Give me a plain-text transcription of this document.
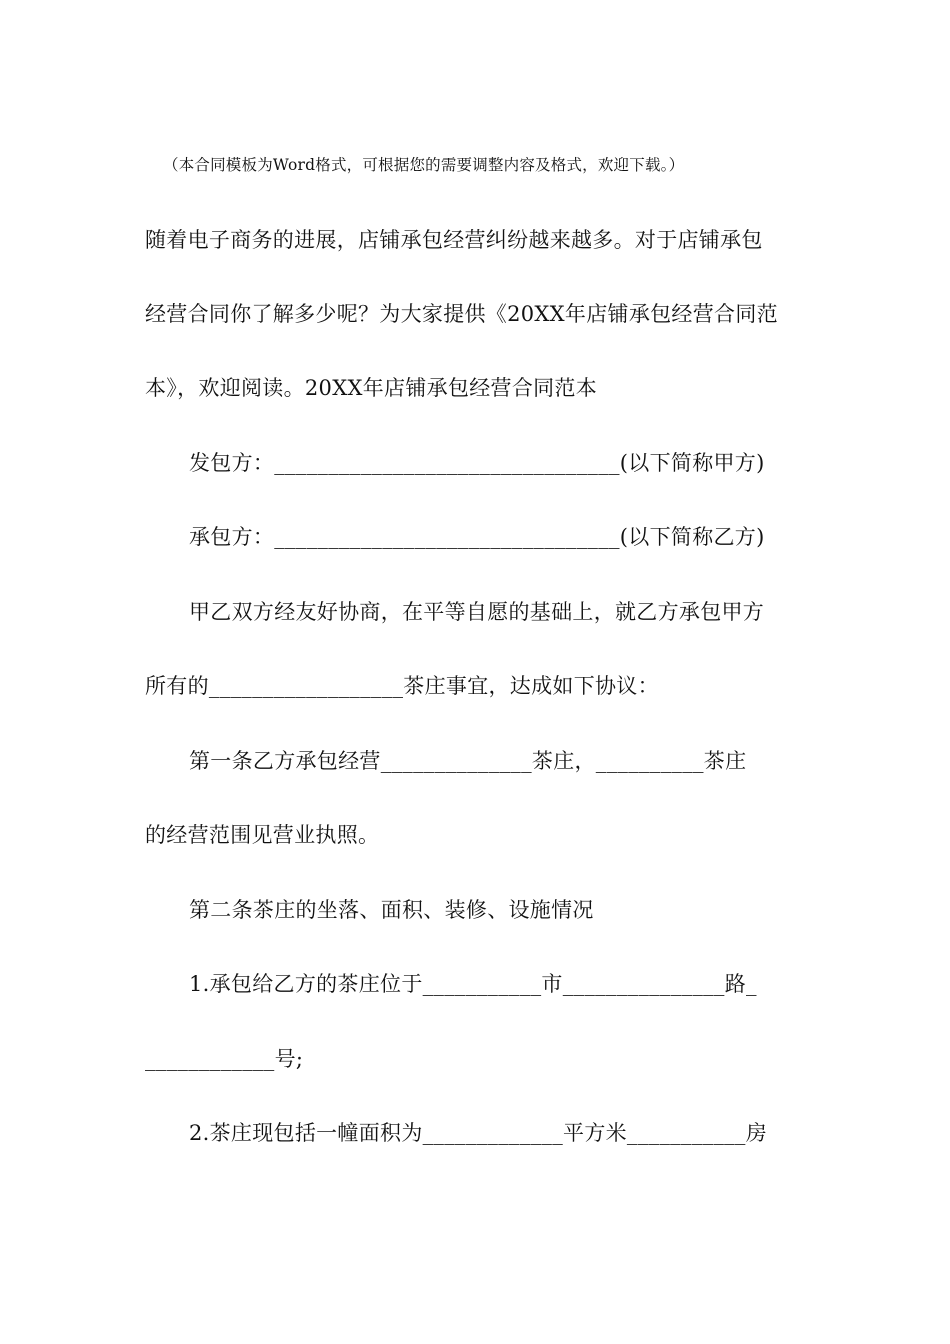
（本合同模板为Word格式，可根据您的需要调整内容及格式，欢迎下载。）
随着电子商务的进展，店铺承包经营纠纷越来越多。对于店铺承包
经营合同你了解多少呢？为大家提供《20XX年店铺承包经营合同范
本》，欢迎阅读。20XX年店铺承包经营合同范本
发包方：________________________________(以下简称甲方)
承包方：________________________________(以下简称乙方)
甲乙双方经友好协商，在平等自愿的基础上，就乙方承包甲方
所有的__________________茶庄事宜，达成如下协议：
第一条乙方承包经营______________茶庄，__________茶庄
的经营范围见营业执照。
第二条茶庄的坐落、面积、装修、设施情况
1.承包给乙方的茶庄位于___________市_______________路_
____________号;
2.茶庄现包括一幢面积为_____________平方米___________房
